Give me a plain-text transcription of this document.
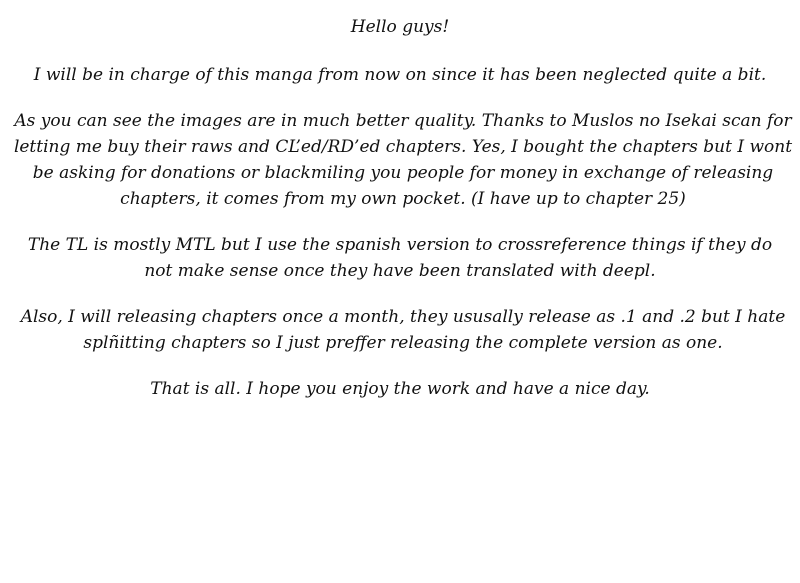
Hello guys!

I will be in charge of this manga from now on since it has been neglected quite a bit.

As you can see the images are in much better quality. Thanks to Muslos no Isekai scan for letting me buy their raws and CL’ed/RD’ed chapters. Yes, I bought the chapters but I wont be asking for donations or blackmiling you people for money in exchange of releasing chapters, it comes from my own pocket. (I have up to chapter 25)

The TL is mostly MTL but I use the spanish version to crossreference things if they do not make sense once they have been translated with deepl.

Also, I will releasing chapters once a month, they ususally release as .1 and .2 but I hate splñitting chapters so I just preffer releasing the complete version as one.

That is all. I hope you enjoy the work and have a nice day.
